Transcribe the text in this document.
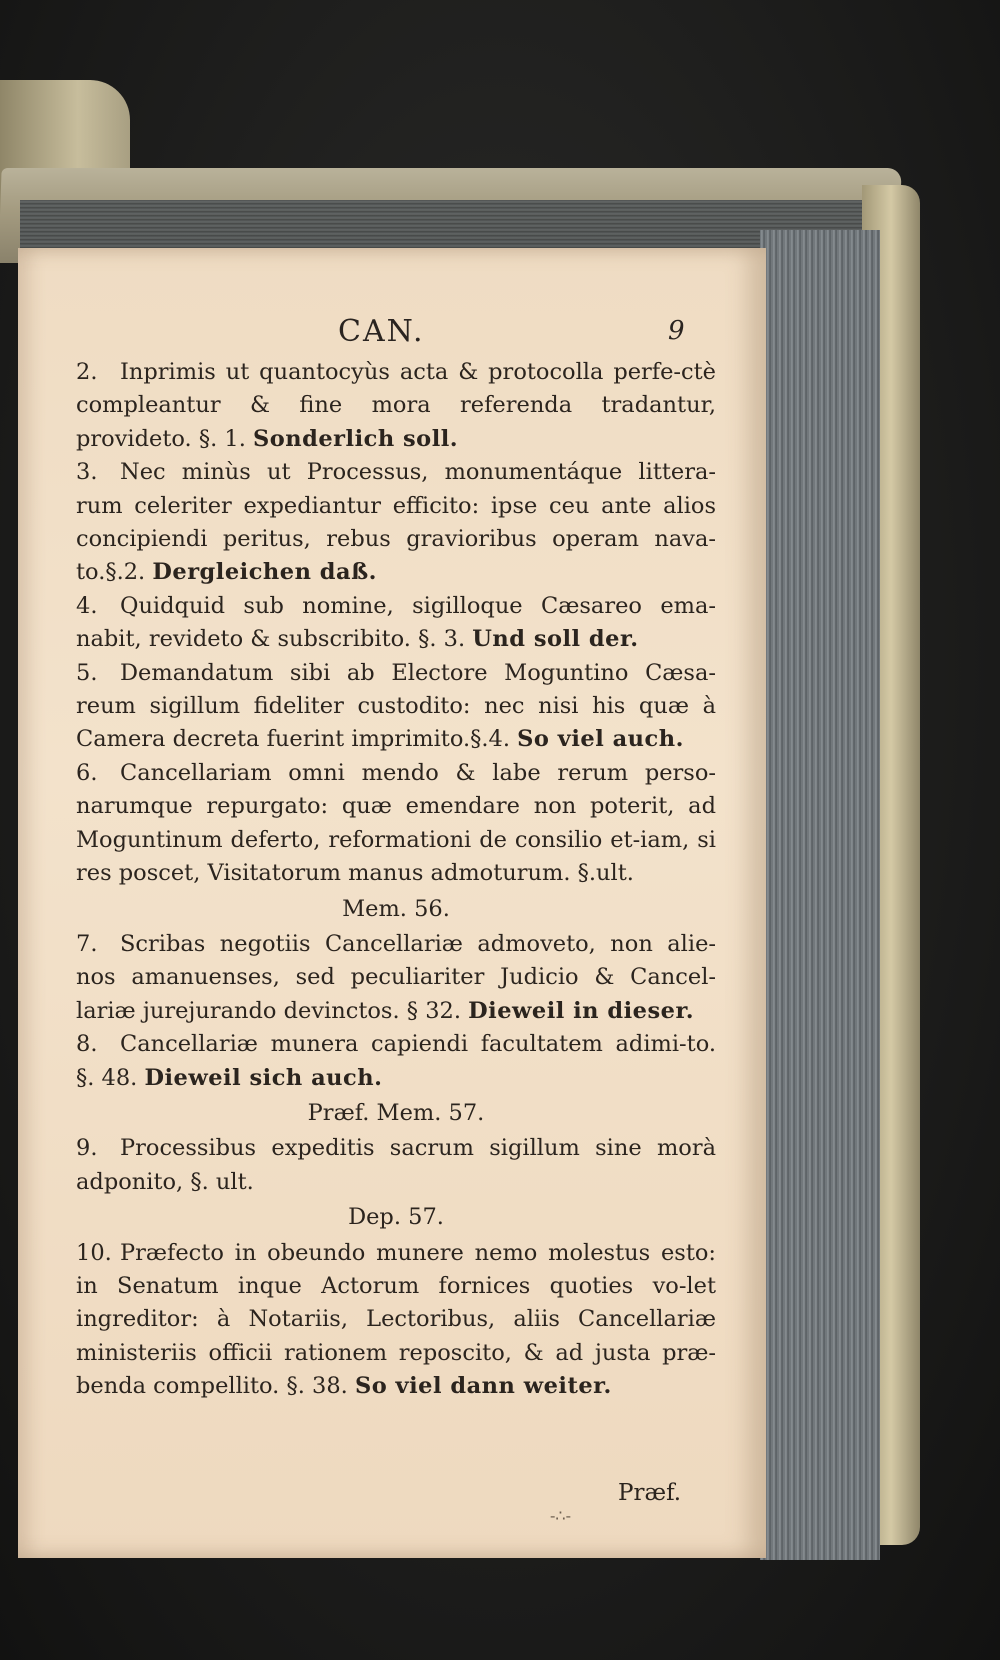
CAN.	9

2. Inprimis ut quantocyùs acta & protocolla perfe-ctè compleantur & fine mora referenda tradantur, provideto. §. 1. Sonderlich soll.

3. Nec minùs ut Processus, monumentáque littera-rum celeriter expediantur efficito: ipse ceu ante alios concipiendi peritus, rebus gravioribus operam nava-to.§.2. Dergleichen daß.

4. Quidquid sub nomine, sigilloque Cæsareo ema-nabit, revideto & subscribito. §. 3. Und soll der.

5. Demandatum sibi ab Electore Moguntino Cæsa-reum sigillum fideliter custodito: nec nisi his quæ à Camera decreta fuerint imprimito.§.4. So viel auch.

6. Cancellariam omni mendo & labe rerum perso-narumque repurgato: quæ emendare non poterit, ad Moguntinum deferto, reformationi de consilio et-iam, si res poscet, Visitatorum manus admoturum. §.ult.

Mem. 56.

7. Scribas negotiis Cancellariæ admoveto, non alie-nos amanuenses, sed peculiariter Judicio & Cancel-lariæ jurejurando devinctos. § 32. Dieweil in dieser.

8. Cancellariæ munera capiendi facultatem adimi-to. §. 48. Dieweil sich auch.

Præf. Mem. 57.

9. Processibus expeditis sacrum sigillum sine morà adponito, §. ult.

Dep. 57.

10. Præfecto in obeundo munere nemo molestus esto: in Senatum inque Actorum fornices quoties vo-let ingreditor: à Notariis, Lectoribus, aliis Cancellariæ ministeriis officii rationem reposcito, & ad justa præ-benda compellito. §. 38. So viel dann weiter.

Præf.
-∴-
